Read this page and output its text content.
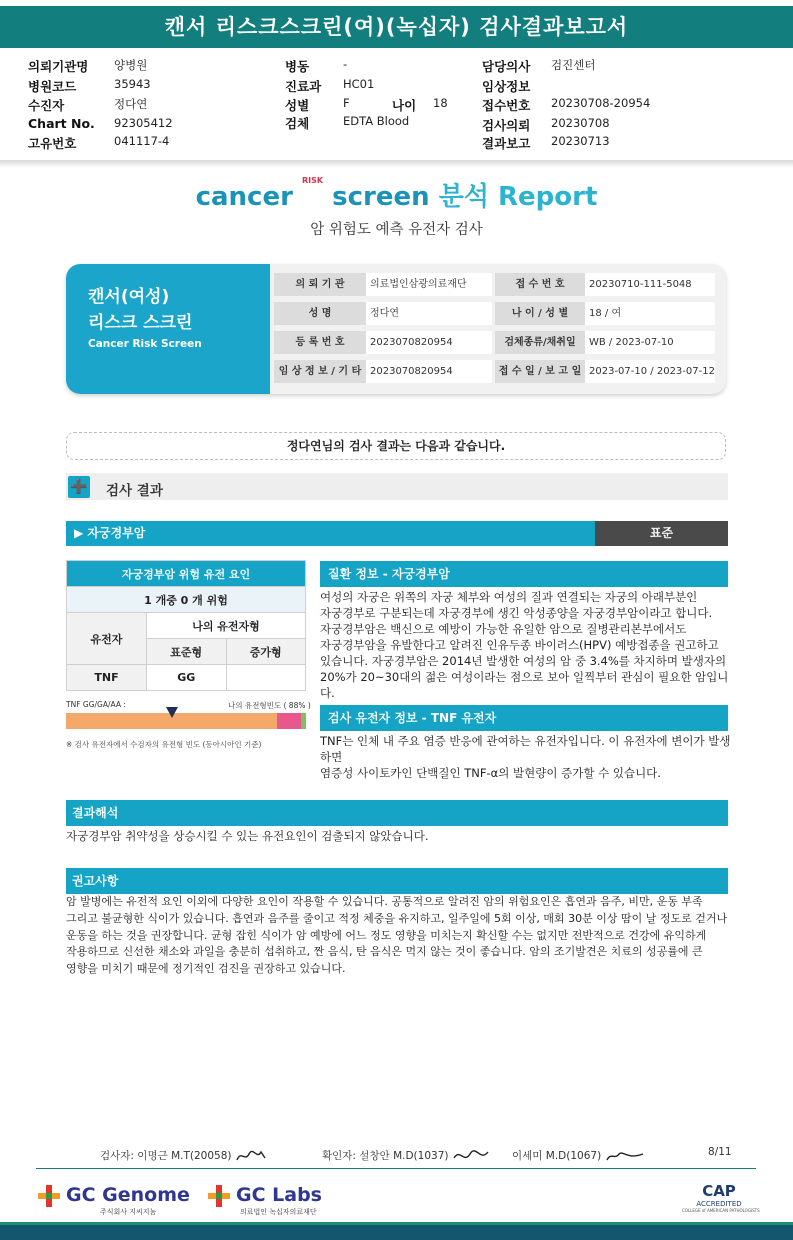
캔서 리스크스크린(여)(녹십자) 검사결과보고서
의뢰기관명 양병원
병원코드	35943
수진자	정다연
Chart No. 92305412
고유번호	041117-4
병동	-
진료과 HC01
성별	F	나이 18
검체	EDTA Blood
담당의사 검진센터
임상정보
접수번호 20230708-20954
검사의뢰 20230708
결과보고 20230713
cancer $^{RISK}$ screen 분석 Report
암 위험도 예측 유전자 검사
캔서(여성)
리스크 스크린
Cancer Risk Screen
의 뢰 기 관	의료법인삼광의료재단	접 수 번 호	20230710-111-5048
성 명	정다연	나 이 / 성 별	18 / 여
등 록 번 호	2023070820954	검체종류/채취일	WB / 2023-07-10
임 상 정 보 / 기 타 2023070820954	접 수 일 / 보 고 일 2023-07-10 / 2023-07-12
정다연님의 검사 결과는 다음과 같습니다.
➕ 검사 결과
▶ 자궁경부암	표준
자궁경부암 위험 유전 요인		
1 개중 0 개 위험		
유전자	나의 유전자형	
	표준형	증가형
TNF	GG	
TNF GG/GA/AA :	나의 유전형빈도 ( 88% )
※ 검사 유전자에서 수검자의 유전형 빈도 (동아시아인 기준)
질환 정보 - 자궁경부암
여성의 자궁은 위쪽의 자궁 체부와 여성의 질과 연결되는 자궁의 아래부분인
자궁경부로 구분되는데 자궁경부에 생긴 악성종양을 자궁경부암이라고 합니다.
자궁경부암은 백신으로 예방이 가능한 유일한 암으로 질병관리본부에서도
자궁경부암을 유발한다고 알려진 인유두종 바이러스(HPV) 예방접종을 권고하고
있습니다. 자궁경부암은 2014년 발생한 여성의 암 중 3.4%를 차지하며 발생자의
20%가 20~30대의 젊은 여성이라는 점으로 보아 일찍부터 관심이 필요한 암입니다.
검사 유전자 정보 - TNF 유전자
TNF는 인체 내 주요 염증 반응에 관여하는 유전자입니다. 이 유전자에 변이가 발생하면
염증성 사이토카인 단백질인 TNF-α의 발현량이 증가할 수 있습니다.
결과해석
자궁경부암 취약성을 상승시킬 수 있는 유전요인이 검출되지 않았습니다.
권고사항
암 발병에는 유전적 요인 이외에 다양한 요인이 작용할 수 있습니다. 공통적으로 알려진 암의 위험요인은 흡연과 음주, 비만, 운동 부족
그리고 불균형한 식이가 있습니다. 흡연과 음주를 줄이고 적정 체중을 유지하고, 일주일에 5회 이상, 매회 30분 이상 땀이 날 정도로 걷거나
운동을 하는 것을 권장합니다. 균형 잡힌 식이가 암 예방에 어느 정도 영향을 미치는지 확신할 수는 없지만 전반적으로 건강에 유익하게
작용하므로 신선한 채소와 과일을 충분히 섭취하고, 짠 음식, 탄 음식은 먹지 않는 것이 좋습니다. 암의 조기발견은 치료의 성공률에 큰
영향을 미치기 때문에 정기적인 검진을 권장하고 있습니다.
검사자: 이명근 M.T(20058)	확인자: 설창안 M.D(1037)	이세미 M.D(1067)	8/11
GC Genome
주식회사 지씨지놈
GC Labs
의료법인 녹십자의료재단
CAP
ACCREDITED
COLLEGE of AMERICAN PATHOLOGISTS
